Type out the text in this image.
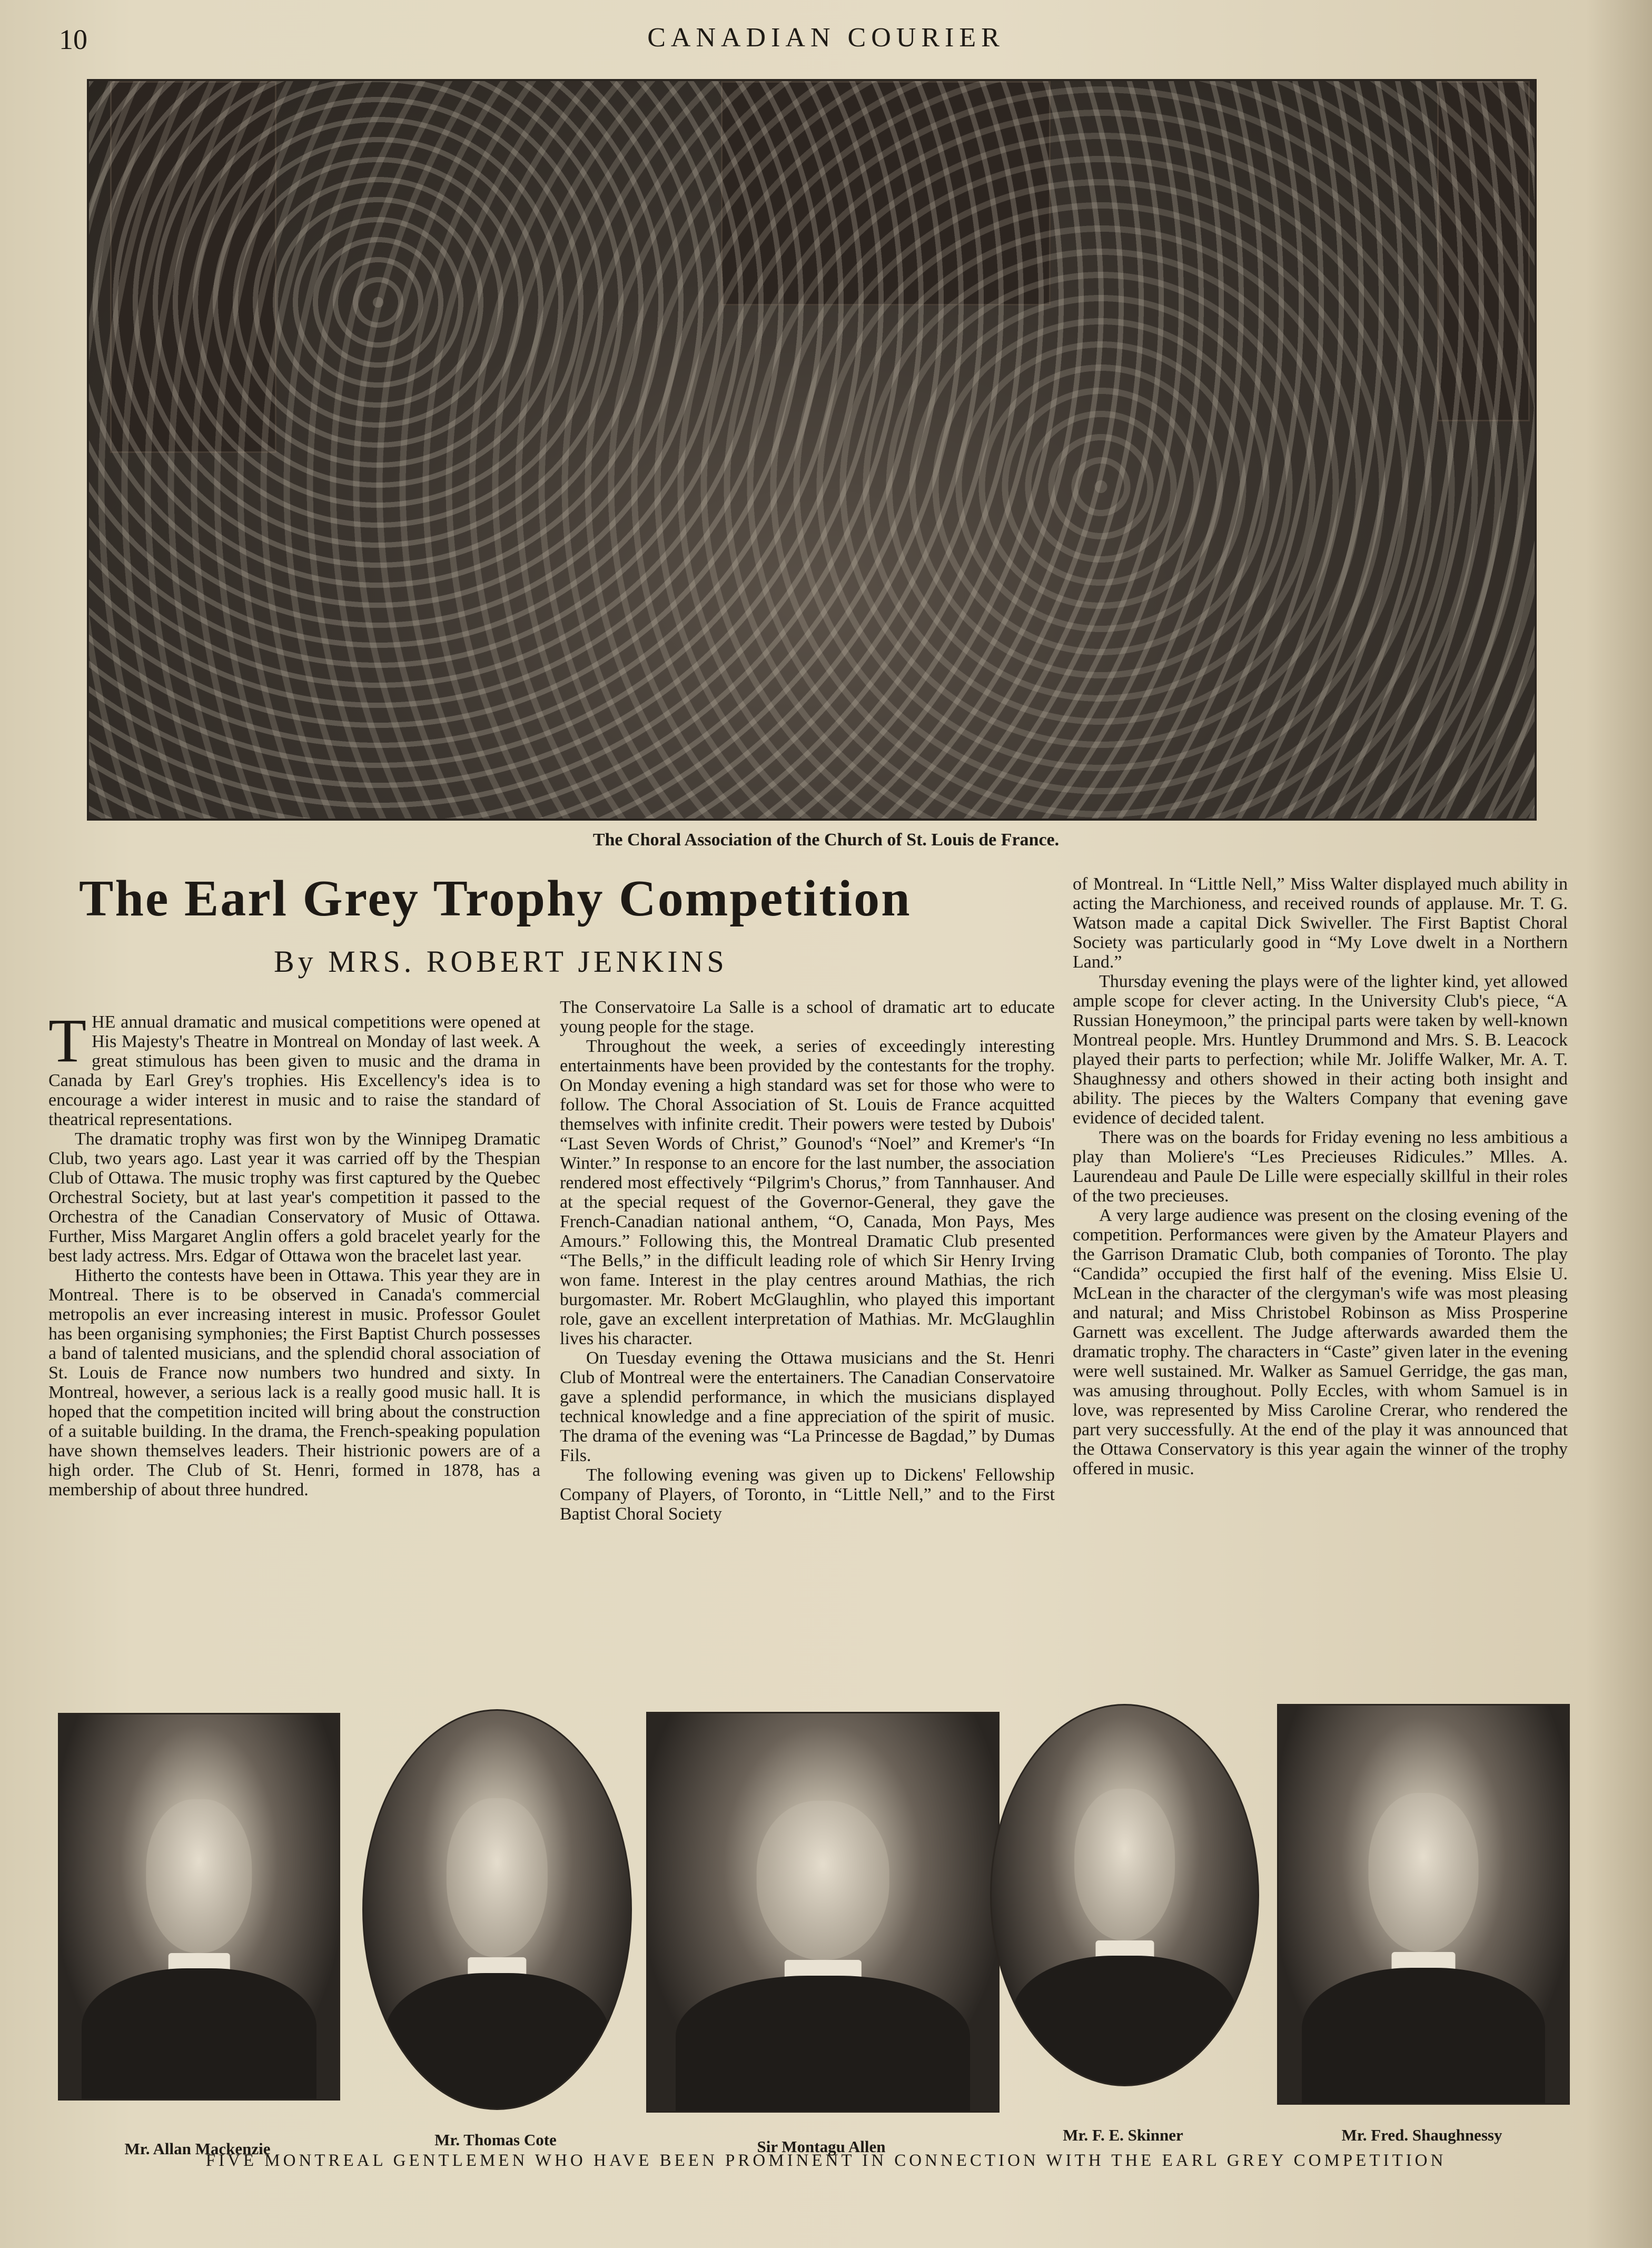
10	CANADIAN COURIER
The Choral Association of the Church of St. Louis de France.
The Earl Grey Trophy Competition
By MRS. ROBERT JENKINS

THE annual dramatic and musical competitions were opened at His Majesty's Theatre in Montreal on Monday of last week. A great stimulous has been given to music and the drama in Canada by Earl Grey's trophies. His Excellency's idea is to encourage a wider interest in music and to raise the standard of theatrical representations.

The dramatic trophy was first won by the Winnipeg Dramatic Club, two years ago. Last year it was carried off by the Thespian Club of Ottawa. The music trophy was first captured by the Quebec Orchestral Society, but at last year's competition it passed to the Orchestra of the Canadian Conservatory of Music of Ottawa. Further, Miss Margaret Anglin offers a gold bracelet yearly for the best lady actress. Mrs. Edgar of Ottawa won the bracelet last year.

Hitherto the contests have been in Ottawa. This year they are in Montreal. There is to be observed in Canada's commercial metropolis an ever increasing interest in music. Professor Goulet has been organising symphonies; the First Baptist Church possesses a band of talented musicians, and the splendid choral association of St. Louis de France now numbers two hundred and sixty. In Montreal, however, a serious lack is a really good music hall. It is hoped that the competition incited will bring about the construction of a suitable building. In the drama, the French-speaking population have shown themselves leaders. Their histrionic powers are of a high order. The Club of St. Henri, formed in 1878, has a membership of about three hundred.

The Conservatoire La Salle is a school of dramatic art to educate young people for the stage.

Throughout the week, a series of exceedingly interesting entertainments have been provided by the contestants for the trophy. On Monday evening a high standard was set for those who were to follow. The Choral Association of St. Louis de France acquitted themselves with infinite credit. Their powers were tested by Dubois' “Last Seven Words of Christ,” Gounod's “Noel” and Kremer's “In Winter.” In response to an encore for the last number, the association rendered most effectively “Pilgrim's Chorus,” from Tannhauser. And at the special request of the Governor-General, they gave the French-Canadian national anthem, “O, Canada, Mon Pays, Mes Amours.” Following this, the Montreal Dramatic Club presented “The Bells,” in the difficult leading role of which Sir Henry Irving won fame. Interest in the play centres around Mathias, the rich burgomaster. Mr. Robert McGlaughlin, who played this important role, gave an excellent interpretation of Mathias. Mr. McGlaughlin lives his character.

On Tuesday evening the Ottawa musicians and the St. Henri Club of Montreal were the entertainers. The Canadian Conservatoire gave a splendid performance, in which the musicians displayed technical knowledge and a fine appreciation of the spirit of music. The drama of the evening was “La Princesse de Bagdad,” by Dumas Fils.

The following evening was given up to Dickens' Fellowship Company of Players, of Toronto, in “Little Nell,” and to the First Baptist Choral Society

of Montreal. In “Little Nell,” Miss Walter displayed much ability in acting the Marchioness, and received rounds of applause. Mr. T. G. Watson made a capital Dick Swiveller. The First Baptist Choral Society was particularly good in “My Love dwelt in a Northern Land.”

Thursday evening the plays were of the lighter kind, yet allowed ample scope for clever acting. In the University Club's piece, “A Russian Honeymoon,” the principal parts were taken by well-known Montreal people. Mrs. Huntley Drummond and Mrs. S. B. Leacock played their parts to perfection; while Mr. Joliffe Walker, Mr. A. T. Shaughnessy and others showed in their acting both insight and ability. The pieces by the Walters Company that evening gave evidence of decided talent.

There was on the boards for Friday evening no less ambitious a play than Moliere's “Les Precieuses Ridicules.” Mlles. A. Laurendeau and Paule De Lille were especially skillful in their roles of the two precieuses.

A very large audience was present on the closing evening of the competition. Performances were given by the Amateur Players and the Garrison Dramatic Club, both companies of Toronto. The play “Candida” occupied the first half of the evening. Miss Elsie U. McLean in the character of the clergyman's wife was most pleasing and natural; and Miss Christobel Robinson as Miss Prosperine Garnett was excellent. The Judge afterwards awarded them the dramatic trophy. The characters in “Caste” given later in the evening were well sustained. Mr. Walker as Samuel Gerridge, the gas man, was amusing throughout. Polly Eccles, with whom Samuel is in love, was represented by Miss Caroline Crerar, who rendered the part very successfully. At the end of the play it was announced that the Ottawa Conservatory is this year again the winner of the trophy offered in music.

Mr. Allan Mackenzie	Mr. Thomas Cote	Sir Montagu Allen
Mr. F. E. Skinner	Mr. Fred. Shaughnessy
FIVE MONTREAL GENTLEMEN WHO HAVE BEEN PROMINENT IN CONNECTION WITH THE EARL GREY COMPETITION
